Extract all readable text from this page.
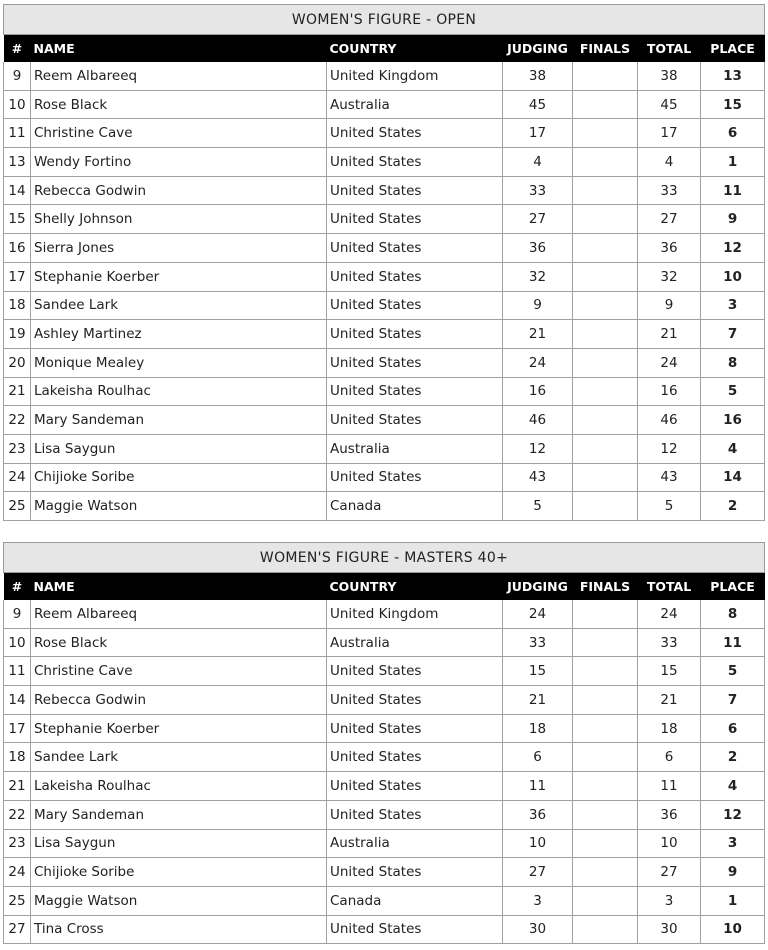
WOMEN'S FIGURE - OPEN						
#	NAME	COUNTRY	JUDGING	FINALS	TOTAL	PLACE
9	Reem Albareeq	United Kingdom	38		38	13
10	Rose Black	Australia	45		45	15
11	Christine Cave	United States	17		17	6
13	Wendy Fortino	United States	4		4	1
14	Rebecca Godwin	United States	33		33	11
15	Shelly Johnson	United States	27		27	9
16	Sierra Jones	United States	36		36	12
17	Stephanie Koerber	United States	32		32	10
18	Sandee Lark	United States	9		9	3
19	Ashley Martinez	United States	21		21	7
20	Monique Mealey	United States	24		24	8
21	Lakeisha Roulhac	United States	16		16	5
22	Mary Sandeman	United States	46		46	16
23	Lisa Saygun	Australia	12		12	4
24	Chijioke Soribe	United States	43		43	14
25	Maggie Watson	Canada	5		5	2
WOMEN'S FIGURE - MASTERS 40+						
#	NAME	COUNTRY	JUDGING	FINALS	TOTAL	PLACE
9	Reem Albareeq	United Kingdom	24		24	8
10	Rose Black	Australia	33		33	11
11	Christine Cave	United States	15		15	5
14	Rebecca Godwin	United States	21		21	7
17	Stephanie Koerber	United States	18		18	6
18	Sandee Lark	United States	6		6	2
21	Lakeisha Roulhac	United States	11		11	4
22	Mary Sandeman	United States	36		36	12
23	Lisa Saygun	Australia	10		10	3
24	Chijioke Soribe	United States	27		27	9
25	Maggie Watson	Canada	3		3	1
27	Tina Cross	United States	30		30	10
